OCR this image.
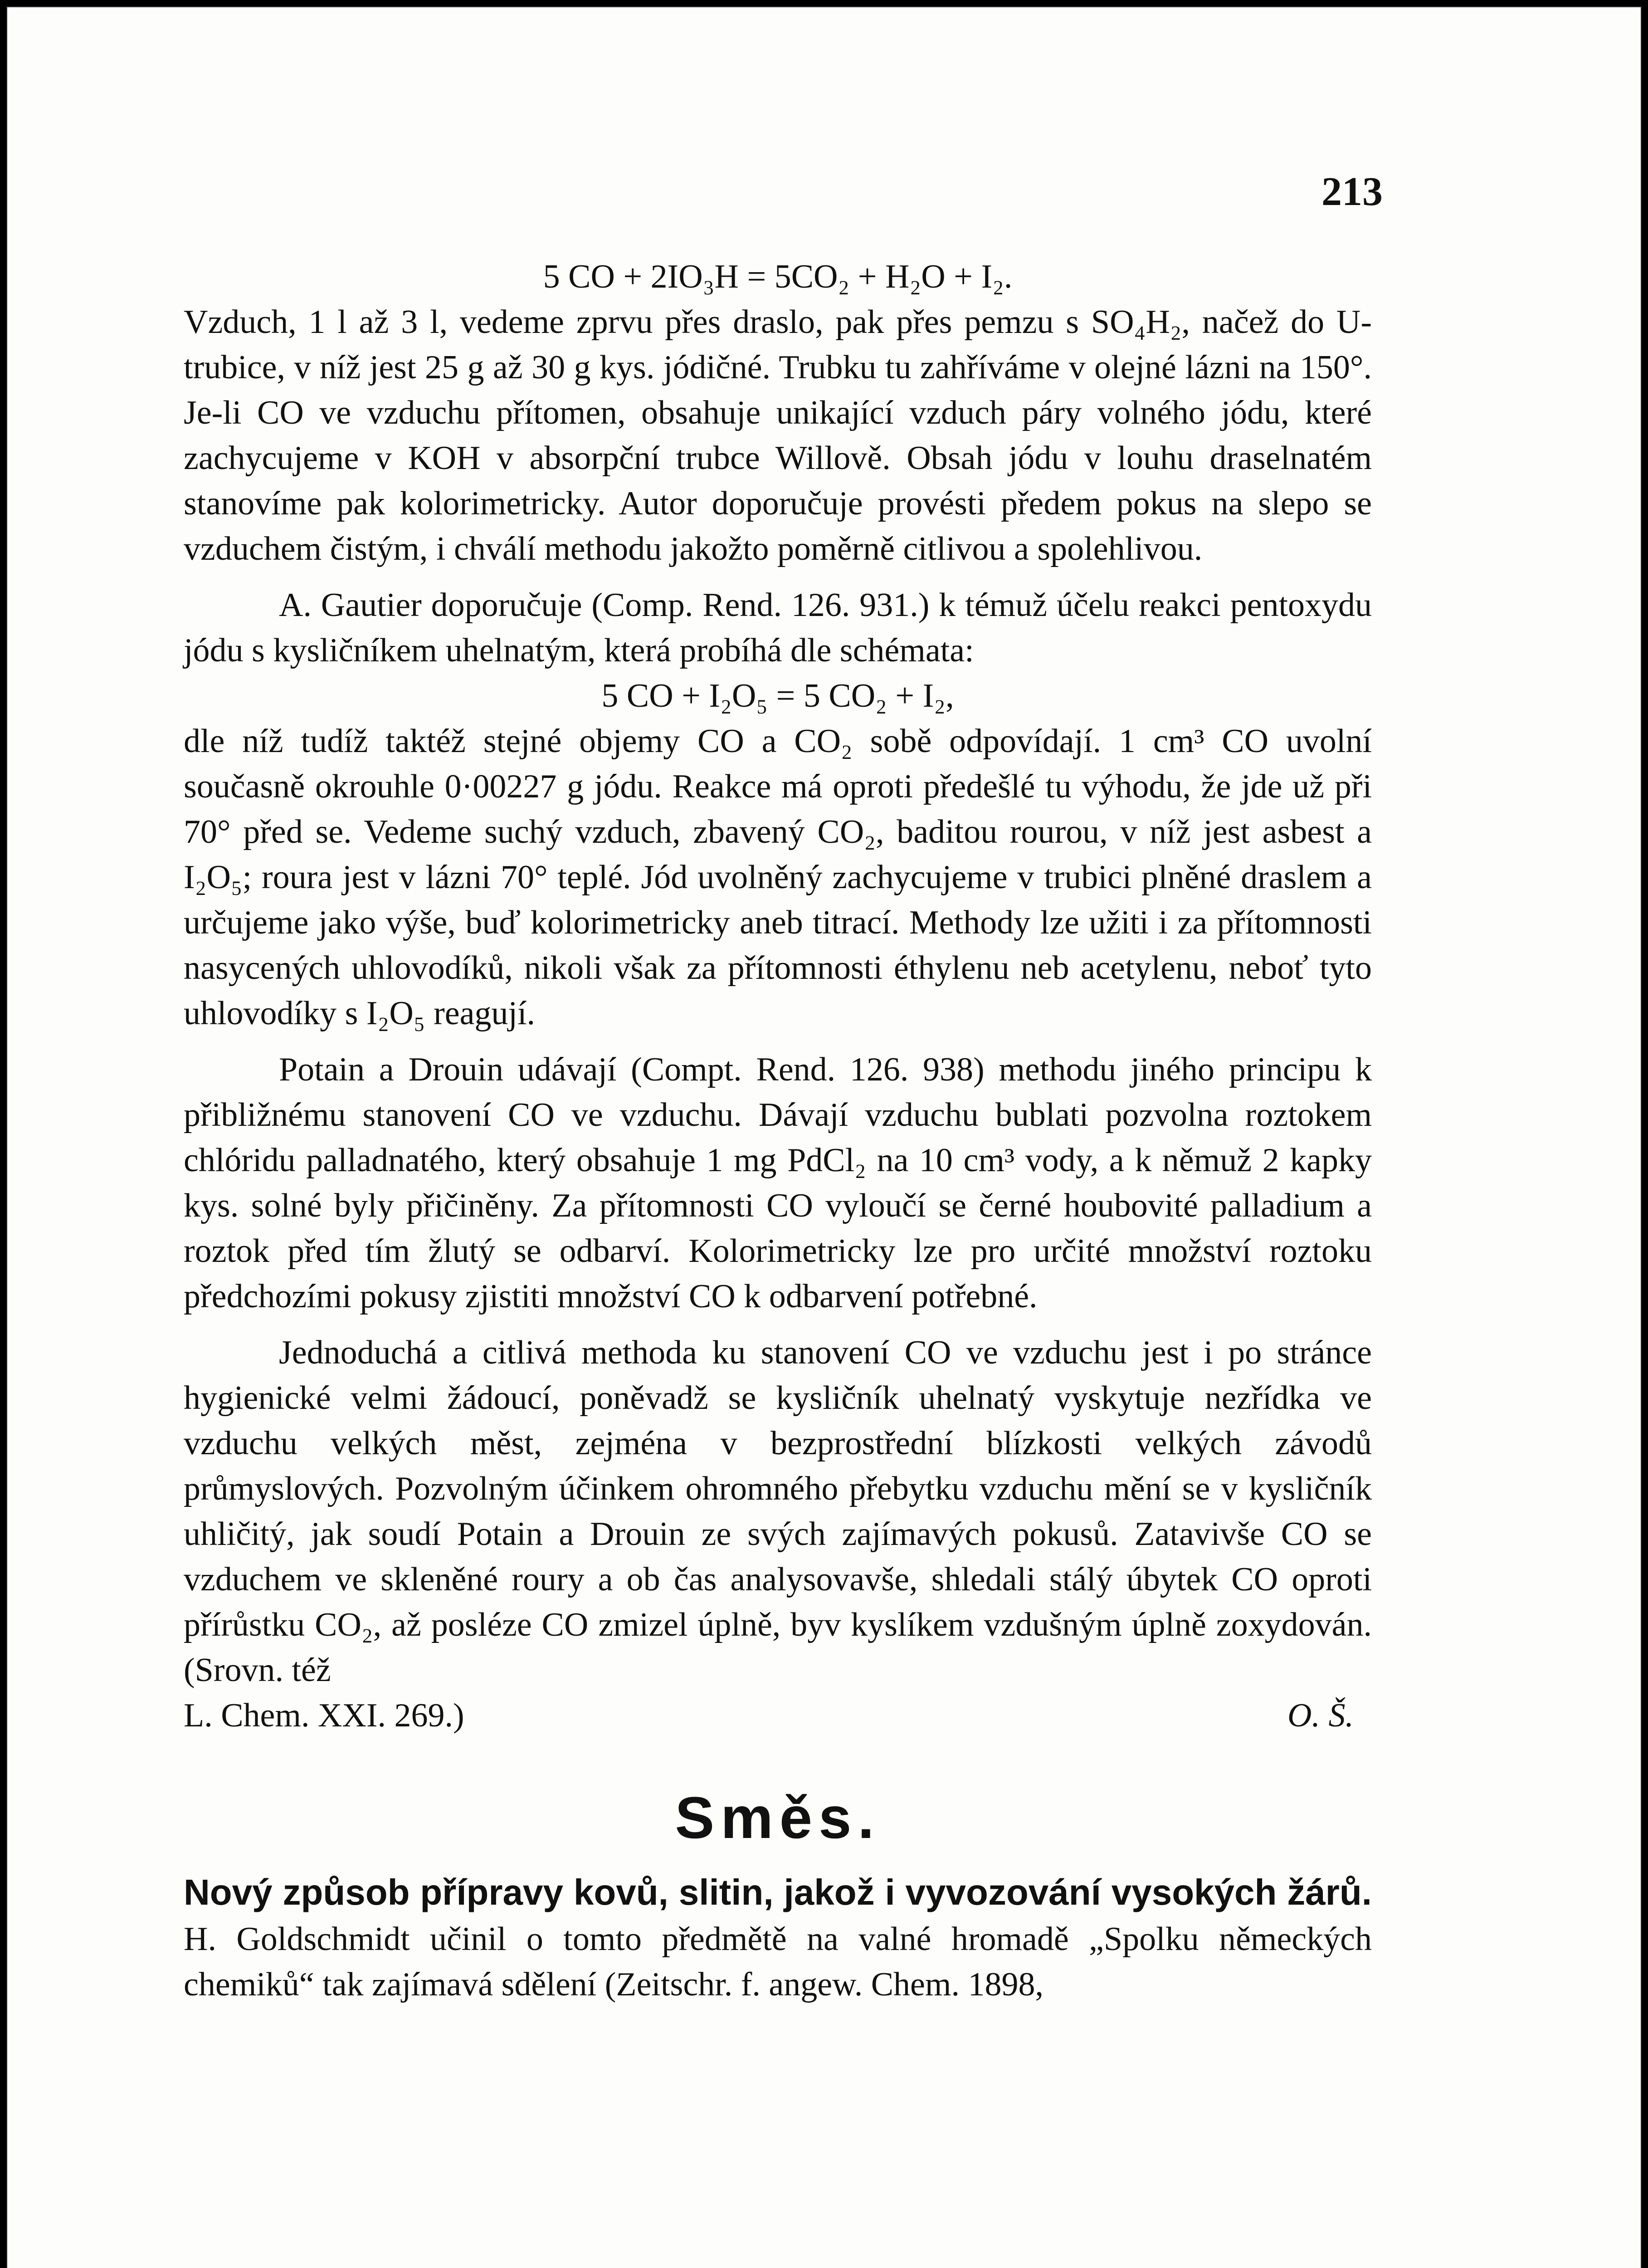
213
5 CO + 2IO₃H = 5CO₂ + H₂O + I₂.

Vzduch, 1 l až 3 l, vedeme zprvu přes draslo, pak přes pemzu s SO₄H₂, načež do U-trubice, v níž jest 25 g až 30 g kys. jódičné. Trubku tu zahříváme v olejné lázni na 150°. Je-li CO ve vzduchu přítomen, obsahuje unikající vzduch páry volného jódu, které zachycujeme v KOH v absorpční trubce Willově. Obsah jódu v louhu draselnatém stanovíme pak kolorimetricky. Autor doporučuje provésti předem pokus na slepo se vzduchem čistým, i chválí methodu jakožto poměrně citlivou a spolehlivou.

A. Gautier doporučuje (Comp. Rend. 126. 931.) k témuž účelu reakci pentoxydu jódu s kysličníkem uhelnatým, která probíhá dle schémata:

5 CO + I₂O₅ = 5 CO₂ + I₂,

dle níž tudíž taktéž stejné objemy CO a CO₂ sobě odpovídají. 1 cm³ CO uvolní současně okrouhle 0·00227 g jódu. Reakce má oproti předešlé tu výhodu, že jde už při 70° před se. Vedeme suchý vzduch, zbavený CO₂, baditou rourou, v níž jest asbest a I₂O₅; roura jest v lázni 70° teplé. Jód uvolněný zachycujeme v trubici plněné draslem a určujeme jako výše, buď kolorimetricky aneb titrací. Methody lze užiti i za přítomnosti nasycených uhlovodíků, nikoli však za přítomnosti éthylenu neb acetylenu, neboť tyto uhlovodíky s I₂O₅ reagují.

Potain a Drouin udávají (Compt. Rend. 126. 938) methodu jiného principu k přibližnému stanovení CO ve vzduchu. Dávají vzduchu bublati pozvolna roztokem chlóridu palladnatého, který obsahuje 1 mg PdCl₂ na 10 cm³ vody, a k němuž 2 kapky kys. solné byly přičiněny. Za přítomnosti CO vyloučí se černé houbovité palladium a roztok před tím žlutý se odbarví. Kolorimetricky lze pro určité množství roztoku předchozími pokusy zjistiti množství CO k odbarvení potřebné.

Jednoduchá a citlivá methoda ku stanovení CO ve vzduchu jest i po stránce hygienické velmi žádoucí, poněvadž se kysličník uhelnatý vyskytuje nezřídka ve vzduchu velkých měst, zejména v bezprostřední blízkosti velkých závodů průmyslových. Pozvolným účinkem ohromného přebytku vzduchu mění se v kysličník uhličitý, jak soudí Potain a Drouin ze svých zajímavých pokusů. Zatavivše CO se vzduchem ve skleněné roury a ob čas analysovavše, shledali stálý úbytek CO oproti přírůstku CO₂, až posléze CO zmizel úplně, byv kyslíkem vzdušným úplně zoxydován. (Srovn. též

L. Chem. XXI. 269.)	O. Š.
Směs.

Nový způsob přípravy kovů, slitin, jakož i vyvozování vysokých žárů. H. Goldschmidt učinil o tomto předmětě na valné hromadě „Spolku německých chemiků“ tak zajímavá sdělení (Zeitschr. f. angew. Chem. 1898,
